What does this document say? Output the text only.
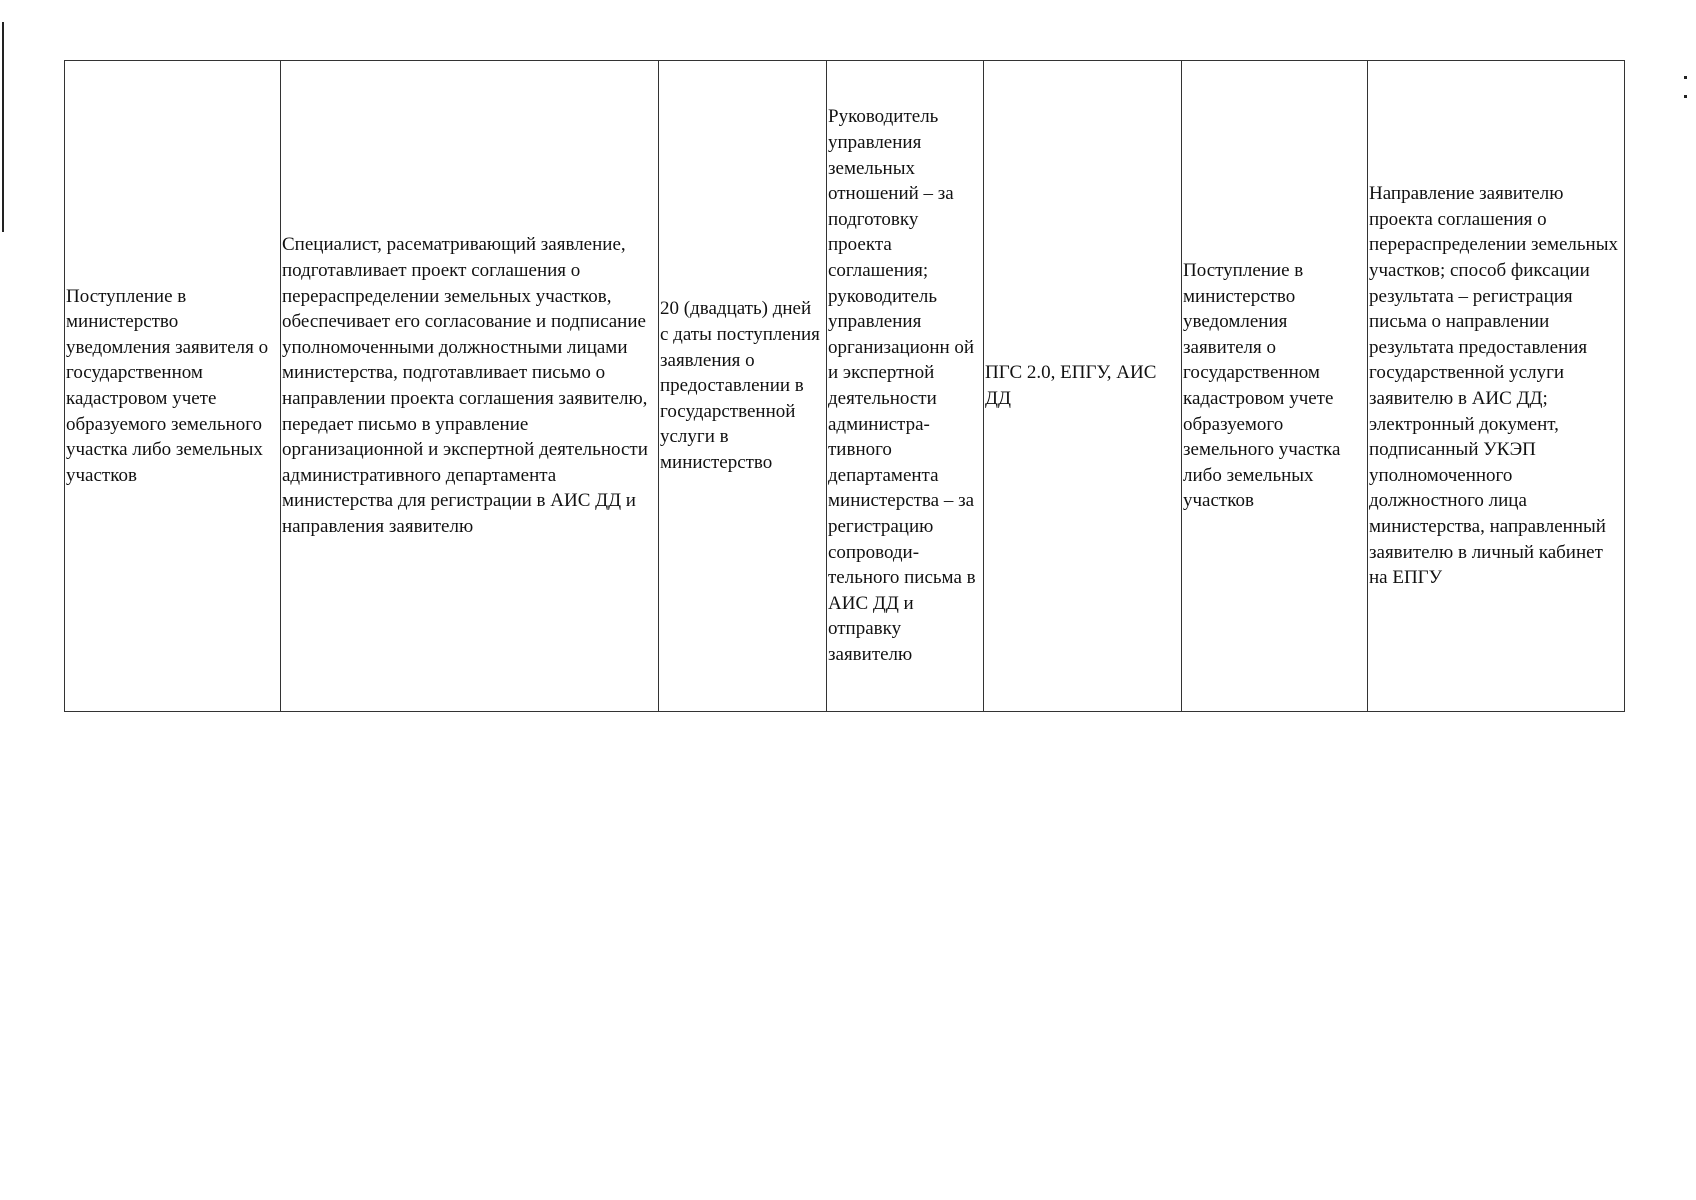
Поступление в министерство уведомления заявителя о государственном кадастровом учете образуемого земельного участка либо земельных участков	Специалист, расематривающий заявление, подготавливает проект соглашения о перераспределении земельных участков, обеспечивает его согласование и подписание уполномоченными должностными лицами министерства, подготавливает письмо о направлении проекта соглашения заявителю, передает письмо в управление организационной и экспертной деятельности административного департамента министерства для регистрации в АИС ДД и направления заявителю	20 (двадцать) дней с даты поступления заявления о предоставлении в государственной услуги в министерство	Руководитель управления земельных отношений – за подготовку проекта соглашения; руководитель управления организационн ой и экспертной деятельности администра-тивного департамента министерства – за регистрацию сопроводи-тельного письма в АИС ДД и отправку заявителю	ПГС 2.0, ЕПГУ, АИС ДД	Поступление в министерство уведомления заявителя о государственном кадастровом учете образуемого земельного участка либо земельных участков	Направление заявителю проекта соглашения о перераспределении земельных участков; способ фиксации результата – регистрация письма о направлении результата предоставления государственной услуги заявителю в АИС ДД; электронный документ, подписанный УКЭП уполномоченного должностного лица министерства, направленный заявителю в личный кабинет на ЕПГУ
